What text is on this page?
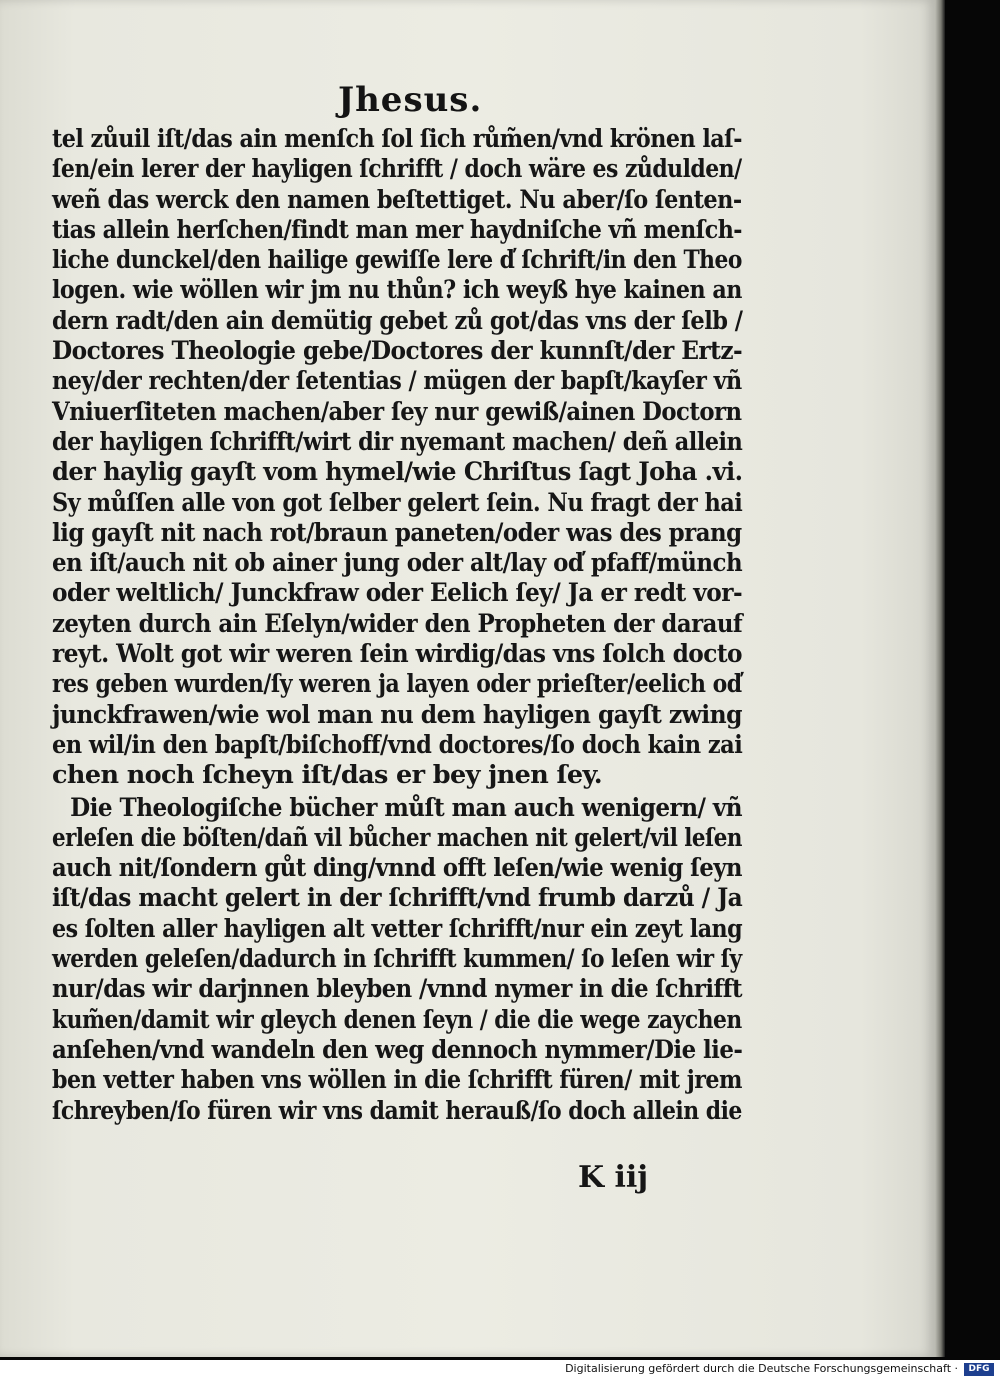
Jhesus.
tel zůuil iſt/das ain menſch ſol ſich rům̃en/vnd krönen laſ-
ſen/ein lerer der hayligen ſchrifft / doch wäre es zůdulden/
weñ das werck den namen beſtettiget. Nu aber/ſo ſenten-
tias allein herſchen/findt man mer haydniſche vñ menſch-
liche dunckel/den hailige gewiſſe lere d̕ ſchrift/in den Theo
logen. wie wöllen wir jm nu thůn? ich weyß hye kainen an
dern radt/den ain demütig gebet zů got/das vns der ſelb /
Doctores Theologie gebe/Doctores der kunnſt/der Ertz-
ney/der rechten/der ſetentias / mügen der bapſt/kayſer vñ
Vniuerſiteten machen/aber ſey nur gewiß/ainen Doctorn
der hayligen ſchrifft/wirt dir nyemant machen/ deñ allein
der haylig gayſt vom hymel/wie Chriſtus ſagt Joha .vi.
Sy můſſen alle von got ſelber gelert ſein. Nu fragt der hai
lig gayſt nit nach rot/braun paneten/oder was des prang
en iſt/auch nit ob ainer jung oder alt/lay od̕ pfaff/münch
oder weltlich/ Junckfraw oder Eelich ſey/ Ja er redt vor-
zeyten durch ain Eſelyn/wider den Propheten der darauf
reyt. Wolt got wir weren ſein wirdig/das vns ſolch docto
res geben wurden/ſy weren ja layen oder prieſter/eelich od̕
junckfrawen/wie wol man nu dem hayligen gayſt zwing
en wil/in den bapſt/biſchoff/vnd doctores/ſo doch kain zai
chen noch ſcheyn iſt/das er bey jnen ſey.
Die Theologiſche bücher můſt man auch wenigern/ vñ
erleſen die böſten/dañ vil bůcher machen nit gelert/vil leſen
auch nit/ſondern gůt ding/vnnd offt leſen/wie wenig ſeyn
iſt/das macht gelert in der ſchrifft/vnd frumb darzů / Ja
es ſolten aller hayligen alt vetter ſchrifft/nur ein zeyt lang
werden geleſen/dadurch in ſchrifft kummen/ ſo leſen wir ſy
nur/das wir darjnnen bleyben /vnnd nymer in die ſchrifft
kum̃en/damit wir gleych denen ſeyn / die die wege zaychen
anſehen/vnd wandeln den weg dennoch nymmer/Die lie-
ben vetter haben vns wöllen in die ſchrifft füren/ mit jrem
ſchreyben/ſo füren wir vns damit herauß/ſo doch allein die
K iij
Digitalisierung gefördert durch die Deutsche Forschungsgemeinschaft ·	DFG
